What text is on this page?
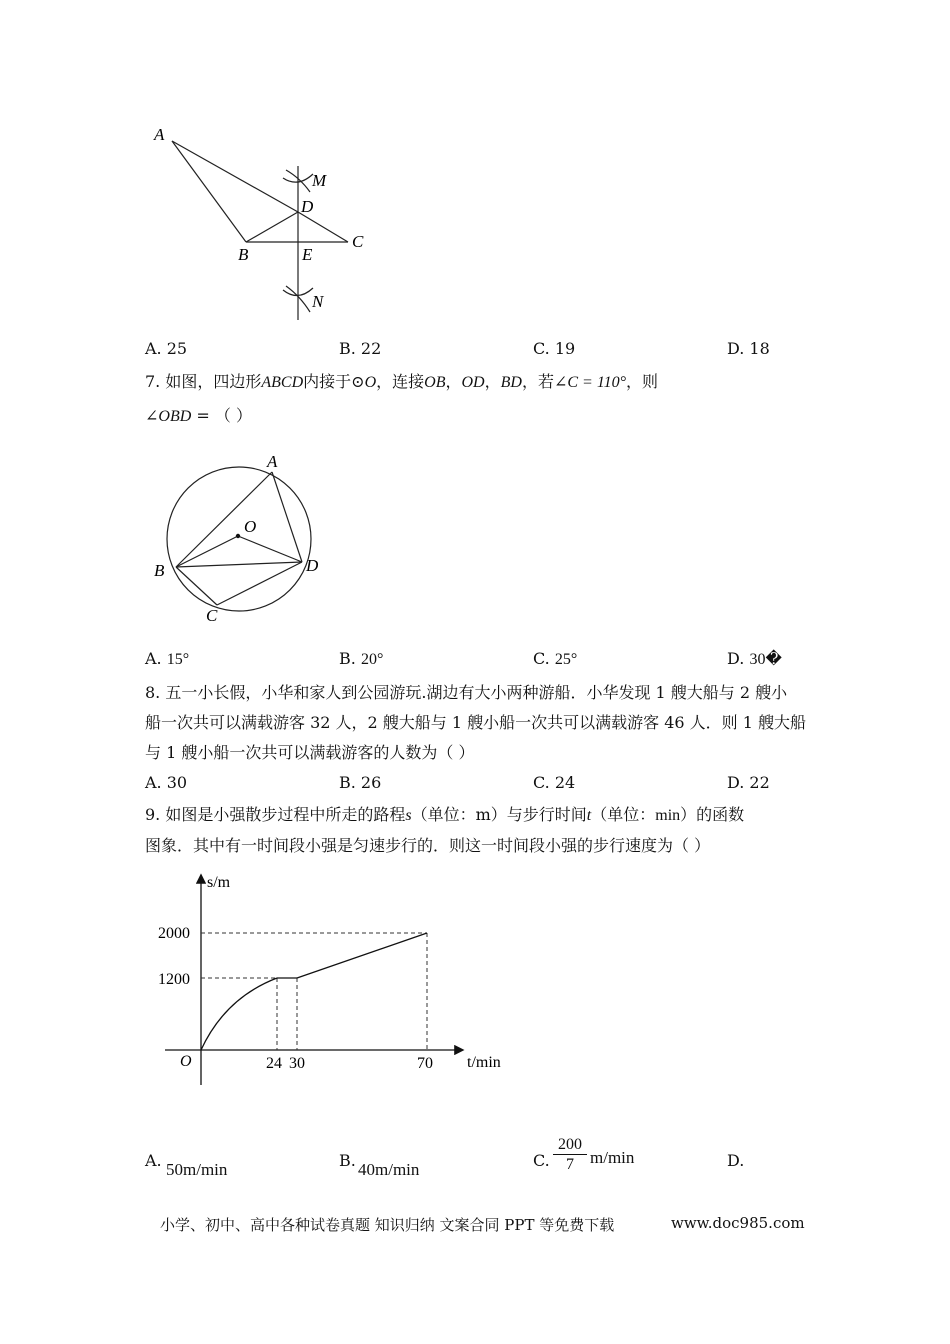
A
B
C
D
E
M
N
A. 25	B. 22	C. 19	D. 18
7. 如图，四边形ABCD内接于⊙O，连接OB，OD，BD，若∠C = 110°，则
∠OBD = （ ）
A
B
C
D
O
A. 15°	B. 20°	C. 25°	D. 30�
8. 五一小长假，小华和家人到公园游玩.湖边有大小两种游船．小华发现 1 艘大船与 2 艘小
船一次共可以满载游客 32 人，2 艘大船与 1 艘小船一次共可以满载游客 46 人．则 1 艘大船
与 1 艘小船一次共可以满载游客的人数为（ ）
A. 30	B. 26	C. 24	D. 22
9. 如图是小强散步过程中所走的路程s（单位：m）与步行时间t（单位：min）的函数
图象．其中有一时间段小强是匀速步行的．则这一时间段小强的步行速度为（ ）
s/m
t/min
O
2000
1200
24 30	70
A. 50m/min	B. 40m/min	C. $\frac{200}{7} m/\min$	D.
小学、初中、高中各种试卷真题 知识归纳 文案合同 PPT 等免费下载	www.doc985.com
